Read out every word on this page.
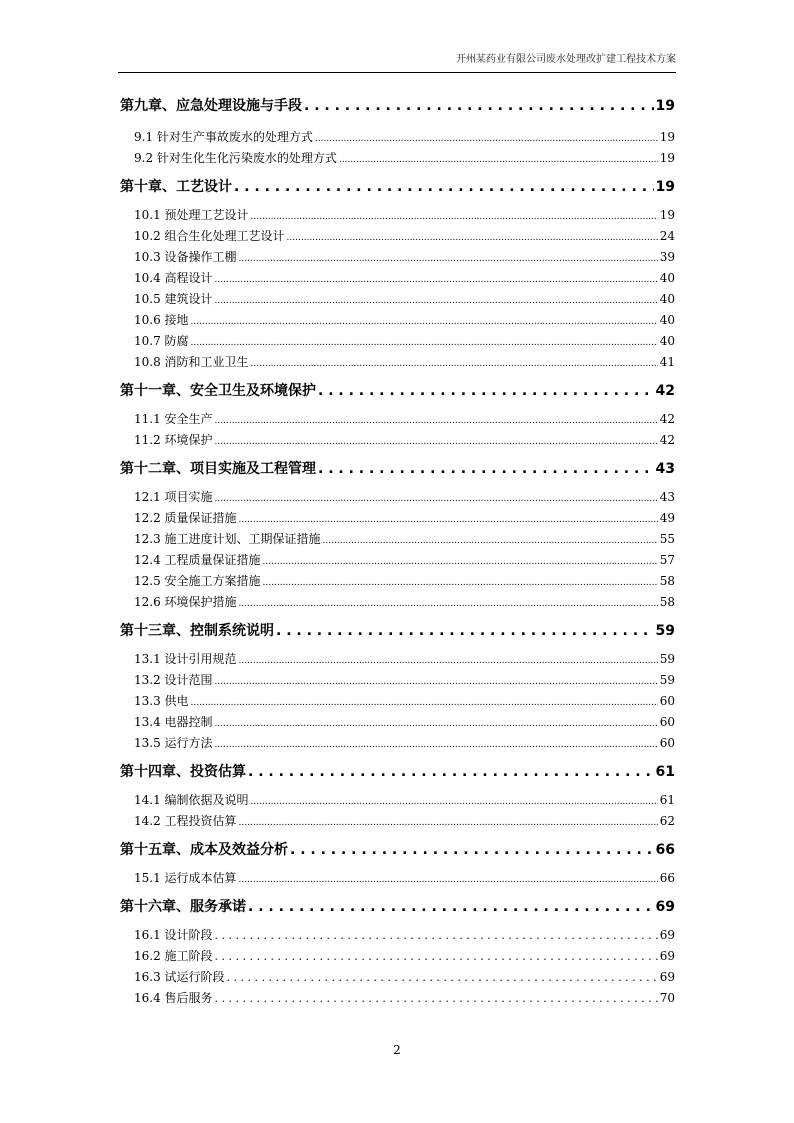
开州某药业有限公司废水处理改扩建工程技术方案
第九章、应急处理设施与手段 . . .	19
9.1 针对生产事故废水的处理方式 .....	19
9.2 针对生化生化污染废水的处理方式 .....	19
第十章、工艺设计 . . .	19
10.1 预处理工艺设计 .....	19
10.2 组合生化处理工艺设计 .....	24
10.3 设备操作工棚 .....	39
10.4 高程设计 .....	40
10.5 建筑设计 .....	40
10.6 接地 .....	40
10.7 防腐 .....	40
10.8 消防和工业卫生 .....	41
第十一章、安全卫生及环境保护 . . .	42
11.1 安全生产 .....	42
11.2 环境保护 .....	42
第十二章、项目实施及工程管理 . . .	43
12.1 项目实施 .....	43
12.2 质量保证措施 .....	49
12.3 施工进度计划、工期保证措施 .....	55
12.4 工程质量保证措施 .....	57
12.5 安全施工方案措施 .....	58
12.6 环境保护措施 .....	58
第十三章、控制系统说明 . . .	59
13.1 设计引用规范 .....	59
13.2 设计范围 .....	59
13.3 供电 .....	60
13.4 电器控制 .....	60
13.5 运行方法 .....	60
第十四章、投资估算 . . .	61
14.1 编制依据及说明 .....	61
14.2 工程投资估算 .....	62
第十五章、成本及效益分析 . . .	66
15.1 运行成本估算 .....	66
第十六章、服务承诺 . . .	69
16.1 设计阶段 . . .	69
16.2 施工阶段 . . .	69
16.3 试运行阶段 . . .	69
16.4 售后服务 . . .	70
2
